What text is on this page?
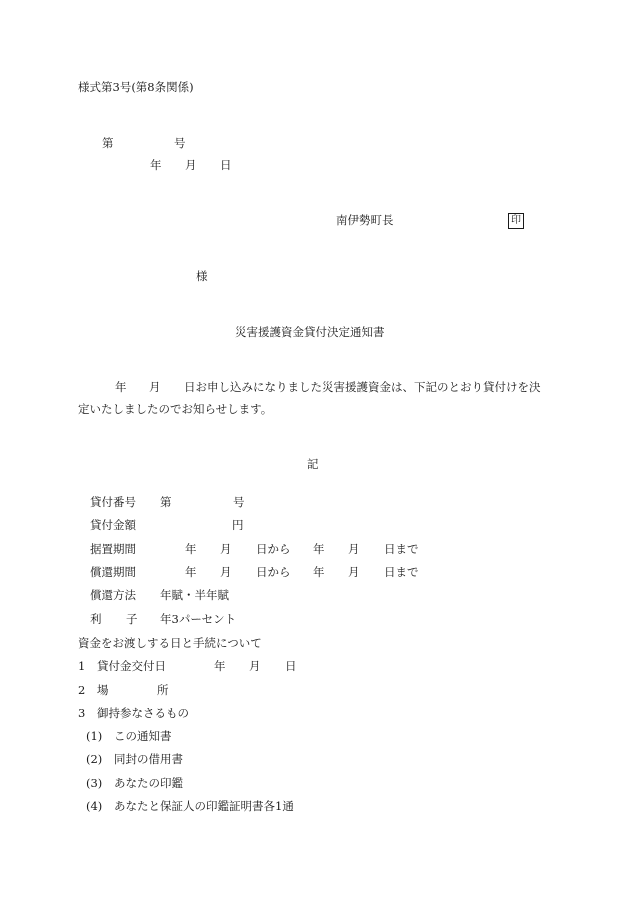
様式第3号(第8条関係)
第	号
年 月 日
南伊勢町長	印
様
災害援護資金貸付決定通知書
年 月 日お申し込みになりました災害援護資金は、下記のとおり貸付けを決
定いたしましたのでお知らせします。
記
貸付番号 第	号
貸付金額	円
据置期間	年 月 日から 年 月 日まで
償還期間	年 月 日から 年 月 日まで
償還方法 年賦・半年賦
利 子 年3パーセント
資金をお渡しする日と手続について
1 貸付金交付日	年 月 日
2 場	所
3 御持参なさるもの
(1) この通知書
(2) 同封の借用書
(3) あなたの印鑑
(4) あなたと保証人の印鑑証明書各1通
